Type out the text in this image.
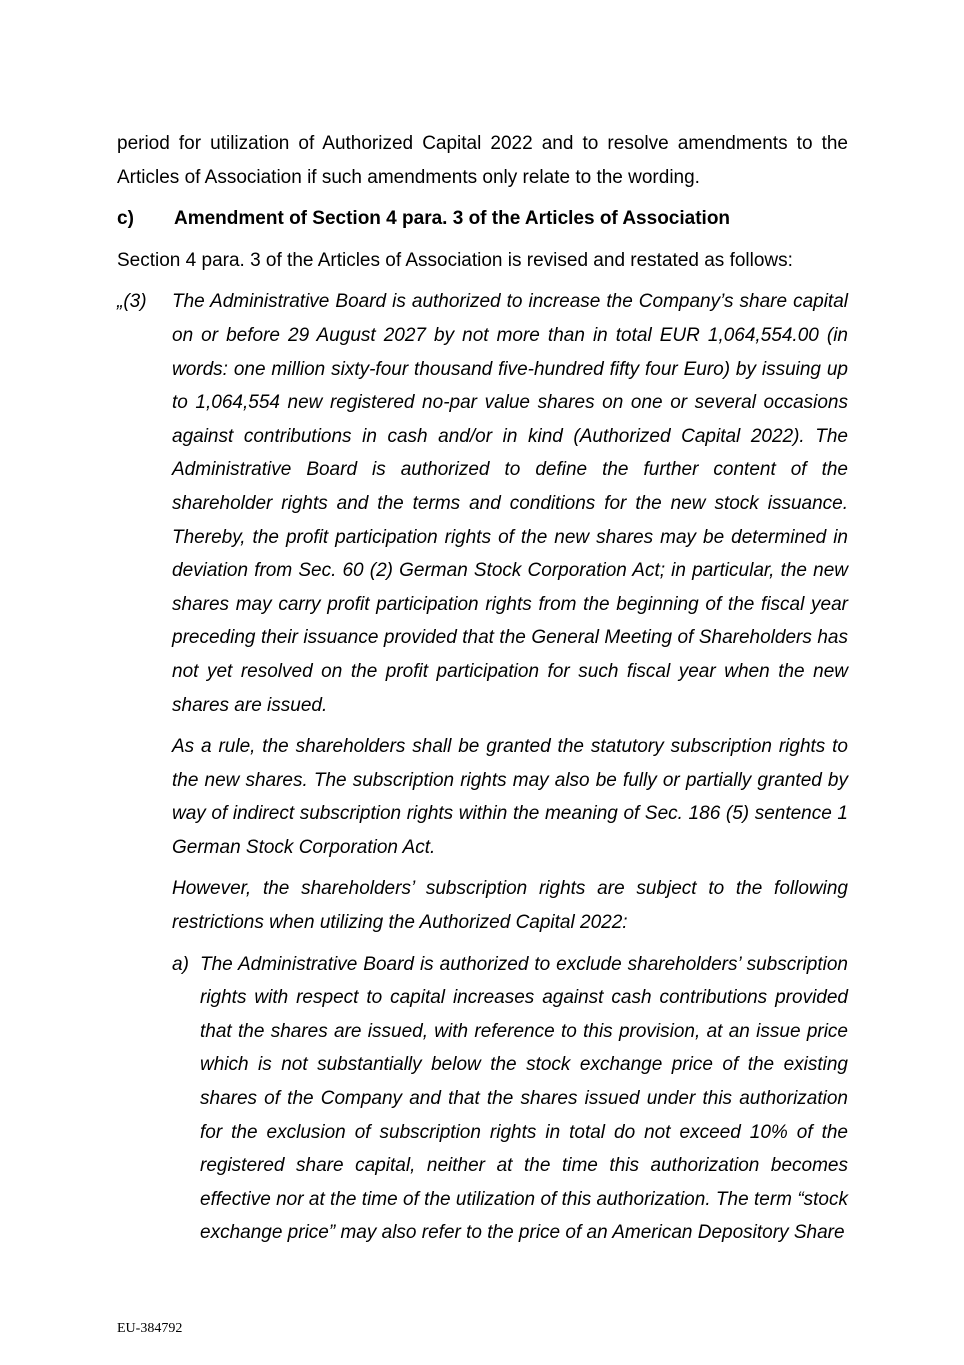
period for utilization of Authorized Capital 2022 and to resolve amendments to the Articles of Association if such amendments only relate to the wording.

c)	Amendment of Section 4 para. 3 of the Articles of Association

Section 4 para. 3 of the Articles of Association is revised and restated as follows:

„(3)	The Administrative Board is authorized to increase the Company’s share capital on or before 29 August 2027 by not more than in total EUR 1,064,554.00 (in words: one million sixty-four thousand five-hundred fifty four Euro) by issuing up to 1,064,554 new registered no-par value shares on one or several occasions against contributions in cash and/or in kind (Authorized Capital 2022). The Administrative Board is authorized to define the further content of the shareholder rights and the terms and conditions for the new stock issuance. Thereby, the profit participation rights of the new shares may be determined in deviation from Sec. 60 (2) German Stock Corporation Act; in particular, the new shares may carry profit participation rights from the beginning of the fiscal year preceding their issuance provided that the General Meeting of Shareholders has not yet resolved on the profit participation for such fiscal year when the new shares are issued.

As a rule, the shareholders shall be granted the statutory subscription rights to the new shares. The subscription rights may also be fully or partially granted by way of indirect subscription rights within the meaning of Sec. 186 (5) sentence 1 German Stock Corporation Act.

However, the shareholders’ subscription rights are subject to the following restrictions when utilizing the Authorized Capital 2022:

a) The Administrative Board is authorized to exclude shareholders’ subscription rights with respect to capital increases against cash contributions provided that the shares are issued, with reference to this provision, at an issue price which is not substantially below the stock exchange price of the existing shares of the Company and that the shares issued under this authorization for the exclusion of subscription rights in total do not exceed 10% of the registered share capital, neither at the time this authorization becomes effective nor at the time of the utilization of this authorization. The term “stock exchange price” may also refer to the price of an American Depository Share

EU-384792
